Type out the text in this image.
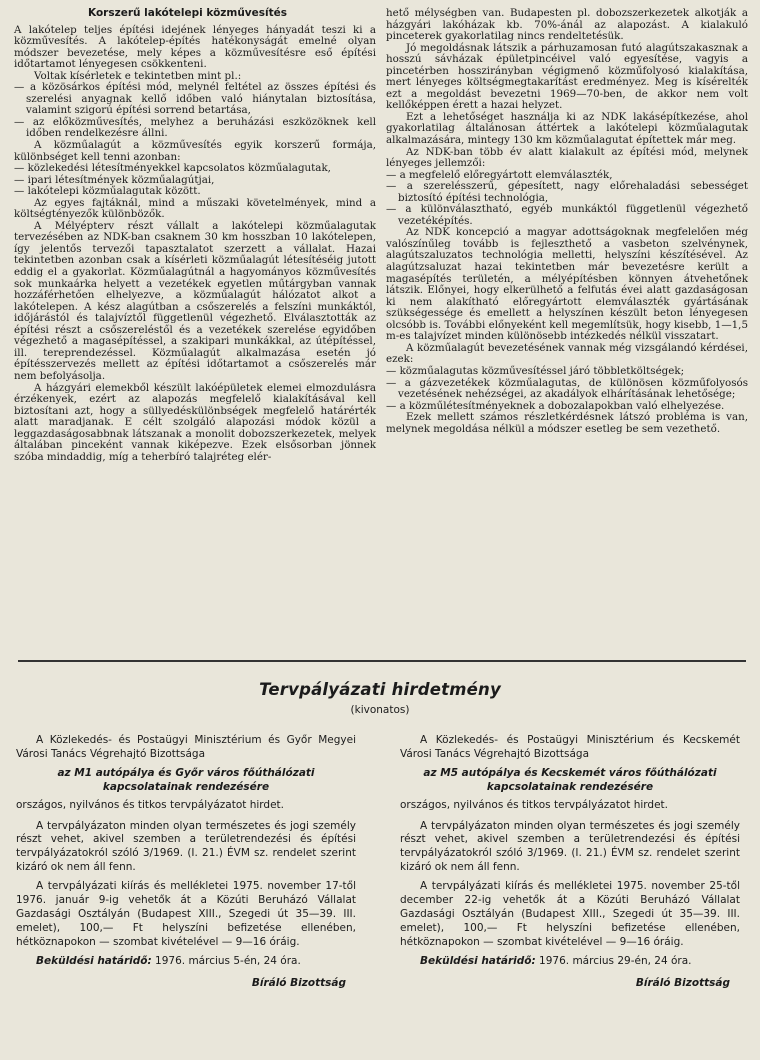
Korszerű lakótelepi közművesítés

A lakótelep teljes építési idejének lényeges hányadát teszi ki a közművesítés. A lakótelep-építés hatékonyságát emelné olyan módszer bevezetése, mely képes a közművesítésre eső építési időtartamot lényegesen csökkenteni.

Voltak kísérletek e tekintetben mint pl.:

— a közösárkos építési mód, melynél feltétel az összes építési és szerelési anyagnak kellő időben való hiánytalan biztosítása, valamint szigorú építési sorrend betartása,

— az előközművesítés, melyhez a beruházási eszközöknek kell időben rendelkezésre állni.

A közműalagút a közművesítés egyik korszerű formája, különbséget kell tenni azonban:

— közlekedési létesítményekkel kapcsolatos közműalagutak,

— ipari létesítmények közműalagútjai,

— lakótelepi közműalagutak között.

Az egyes fajtáknál, mind a műszaki követelmények, mind a költségtényezők különbözők.

A Mélyépterv részt vállalt a lakótelepi közműalagutak tervezésében az NDK-ban csaknem 30 km hosszban 10 lakótelepen, így jelentős tervezői tapasztalatot szerzett a vállalat. Hazai tekintetben azonban csak a kísérleti közműalagút létesítéséig jutott eddig el a gyakorlat. Közműalagútnál a hagyományos közművesítés sok munkaárka helyett a vezetékek egyetlen műtárgyban vannak hozzáférhetően elhelyezve, a közműalagút hálózatot alkot a lakótelepen. A kész alagútban a csőszerelés a felszíni munkáktól, időjárástól és talajvíztől függetlenül végezhető. Elválasztották az építési részt a csőszereléstől és a vezetékek szerelése egyidőben végezhető a magasépítéssel, a szakipari munkákkal, az útépítéssel, ill. tereprendezéssel. Közműalagút alkalmazása esetén jó építésszervezés mellett az építési időtartamot a csőszerelés már nem befolyásolja.

A házgyári elemekből készült lakóépületek elemei elmozdulásra érzékenyek, ezért az alapozás megfelelő kialakításával kell biztosítani azt, hogy a süllyedéskülönbségek megfelelő határérték alatt maradjanak. E célt szolgáló alapozási módok közül a leggazdaságosabbnak látszanak a monolit dobozszerkezetek, melyek általában pinceként vannak kiképezve. Ezek elsősorban jönnek szóba mindaddig, míg a teherbíró talajréteg elér-

hető mélységben van. Budapesten pl. dobozszerkezetek alkotják a házgyári lakóházak kb. 70%-ánál az alapozást. A kialakuló pinceterek gyakorlatilag nincs rendeltetésük.

Jó megoldásnak látszik a párhuzamosan futó alagútszakasznak a hosszú sávházak épületpincéivel való egyesítése, vagyis a pincetérben hosszirányban végigmenő közműfolyosó kialakítása, mert lényeges költségmegtakarítást eredményez. Meg is kísérelték ezt a megoldást bevezetni 1969—70-ben, de akkor nem volt kellőképpen érett a hazai helyzet.

Ezt a lehetőséget használja ki az NDK lakásépítkezése, ahol gyakorlatilag általánosan áttértek a lakótelepi közműalagutak alkalmazására, mintegy 130 km közműalagutat építettek már meg.

Az NDK-ban több év alatt kialakult az építési mód, melynek lényeges jellemzői:

— a megfelelő előregyártott elemválaszték,

— a szerelésszerű, gépesített, nagy előrehaladási sebességet biztosító építési technológia,

— a különválasztható, egyéb munkáktól függetlenül végezhető vezetéképítés.

Az NDK koncepció a magyar adottságoknak megfelelően még valószínűleg tovább is fejleszthető a vasbeton szelvénynek, alagútszaluzatos technológia melletti, helyszíni készítésével. Az alagútzsaluzat hazai tekintetben már bevezetésre került a magasépítés területén, a mélyépítésben könnyen átvehetőnek látszik. Előnyei, hogy elkerülhető a felfutás évei alatt gazdaságosan ki nem alakítható előregyártott elemválaszték gyártásának szükségessége és emellett a helyszínen készült beton lényegesen olcsóbb is. További előnyeként kell megemlítsük, hogy kisebb, 1—1,5 m-es talajvízet minden különösebb intézkedés nélkül visszatart.

A közműalagút bevezetésének vannak még vizsgálandó kérdései, ezek:

— közműalagutas közművesítéssel járó többletköltségek;

— a gázvezetékek közműalagutas, de különösen közműfolyosós vezetésének nehézségei, az akadályok elhárításának lehetősége;

— a közműlétesítményeknek a dobozalapokban való elhelyezése.

Ezek mellett számos részletkérdésnek látszó probléma is van, melynek megoldása nélkül a módszer esetleg be sem vezethető.

Tervpályázati hirdetmény
(kivonatos)

A Közlekedés- és Postaügyi Minisztérium és Győr Megyei Városi Tanács Végrehajtó Bizottsága

az M1 autópálya és Győr város főúthálózati kapcsolatainak rendezésére

országos, nyilvános és titkos tervpályázatot hirdet.

A tervpályázaton minden olyan természetes és jogi személy részt vehet, akivel szemben a területrendezési és építési tervpályázatokról szóló 3/1969. (I. 21.) ÉVM sz. rendelet szerint kizáró ok nem áll fenn.

A tervpályázati kiírás és mellékletei 1975. november 17-től 1976. január 9-ig vehetők át a Közúti Beruházó Vállalat Gazdasági Osztályán (Budapest XIII., Szegedi út 35—39. III. emelet), 100,— Ft helyszíni befizetése ellenében, hétköznapokon — szombat kivételével — 9—16 óráig.

Beküldési határidő: 1976. március 5-én, 24 óra.

Bíráló Bizottság

A Közlekedés- és Postaügyi Minisztérium és Kecskemét Városi Tanács Végrehajtó Bizottsága

az M5 autópálya és Kecskemét város főúthálózati kapcsolatainak rendezésére

országos, nyilvános és titkos tervpályázatot hirdet.

A tervpályázaton minden olyan természetes és jogi személy részt vehet, akivel szemben a területrendezési és építési tervpályázatokról szóló 3/1969. (I. 21.) ÉVM sz. rendelet szerint kizáró ok nem áll fenn.

A tervpályázati kiírás és mellékletei 1975. november 25-től december 22-ig vehetők át a Közúti Beruházó Vállalat Gazdasági Osztályán (Budapest XIII., Szegedi út 35—39. III. emelet), 100,— Ft helyszíni befizetése ellenében, hétköznapokon — szombat kivételével — 9—16 óráig.

Beküldési határidő: 1976. március 29-én, 24 óra.

Bíráló Bizottság
